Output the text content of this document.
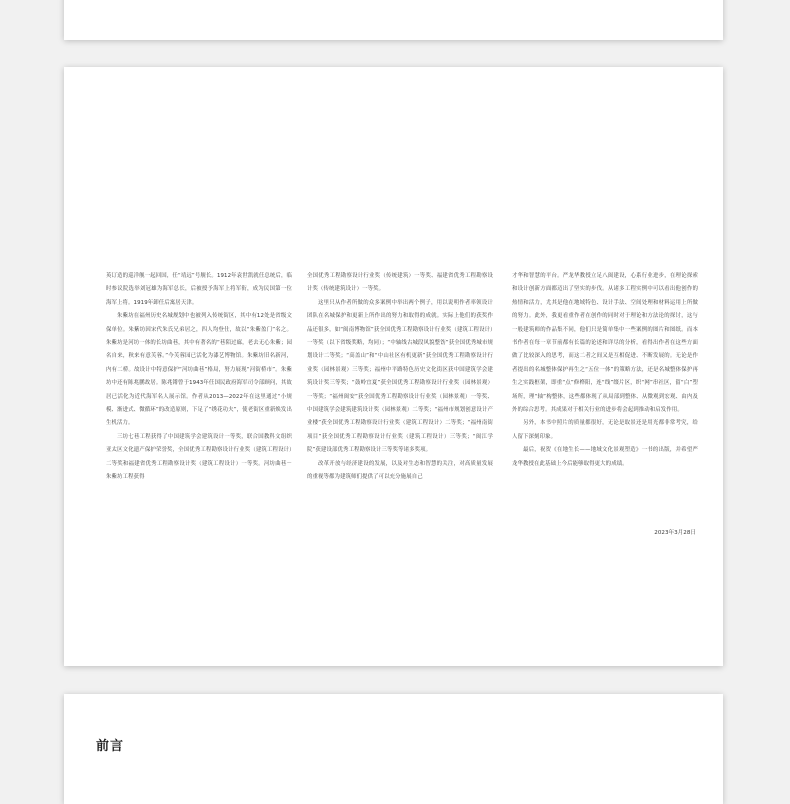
英订造的巡洋舰一起回国，任“靖远”号舰长。1912年袁世凯就任总统后，临时参议院选举刘冠雄为海军总长，后被授予海军上将军衔，成为民国第一位海军上将。1919年卸任后寓居天津。

朱紫坊在福州历史名城规划中也被列入传统街区，其中有12处是省级文保单位。朱紫坊因宋代朱氏兄弟居之，四人均登仕，故以“朱紫盈门”名之。朱紫坊是河坊一体的长坊曲巷，其中有著名的“巷陌过廊，老去无心朱紫；园名自来，秋来有意芙蓉。”今芙蓉园已活化为漆艺博物馆。朱紫坊旧名新河，内有二桥。故设计中特意保护“河坊曲巷”格局，努力展现“河街桥市”。朱紫坊中还有陈兆鹏故居。陈兆锵曾于1943年任国民政府海军司令部顾问，其故居已活化为近代海军名人展示馆。作者从2013—2022年在这里通过“小规模、渐进式、微循环”的改造原则，下足了“绣花功夫”，使老街区重新焕发出生机活力。

三坊七巷工程获得了中国建筑学会建筑设计一等奖，联合国教科文组织亚太区文化遗产保护荣誉奖，全国优秀工程勘察设计行业奖（建筑工程设计）二等奖和福建省优秀工程勘察设计奖（建筑工程设计）一等奖。河坊曲巷－朱紫坊工程获得

全国优秀工程勘察设计行业奖（传统建筑）一等奖、福建省优秀工程勘察设计奖（传统建筑设计）一等奖。

这里只从作者所做的众多案例中举出两个例子，用以说明作者率领设计团队在名城保护和更新上所作出的努力和取得的成就。实际上他们的获奖作品还很多，如“闽南博物馆”获全国优秀工程勘察设计行业奖（建筑工程设计）一等奖（以下省级奖略，均同）；“中轴线古城段风貌整饬”获全国优秀城市规划设计二等奖；“高盖山”和“中山社区有机更新”获全国优秀工程勘察设计行业奖（园林景观）三等奖；福州中平路特色历史文化街区获中国建筑学会建筑设计奖三等奖；“鼓岭宜夏”获全国优秀工程勘察设计行业奖（园林景观）一等奖；“福州闽安”获全国优秀工程勘察设计行业奖（园林景观）一等奖、中国建筑学会建筑建筑设计奖（园林景观）二等奖；“福州市规划创意设计产业楼”获全国优秀工程勘察设计行业奖（建筑工程设计）二等奖；“福州南街项目”获全国优秀工程勘察设计行业奖（建筑工程设计）三等奖；“闽江学院”获建设部优秀工程勘察设计三等奖等诸多奖项。

改革开放与经济建设的发展，以及对生态和智慧的关注，对高质量发展的重视等都为建筑师们提供了可以充分施展自己

才华和智慧的平台。严龙华教授立足八闽建设，心系行业进步，在理论探索和设计创新方面都迈出了坚实的步伐。从诸多工程实例中可以看出他创作的热情和活力，尤其是他在地域特色、设计手法、空间处理和材料运用上所做的努力。此外，我更看重作者在创作的同时对于理论和方法论的探讨，这与一般建筑师的作品集不同，他们只是简单集中一些案例的图片和图纸。而本书作者在每一章节前都有长篇的论述和详尽的分析，看得出作者在这些方面做了比较深入的思考，而这二者之间又是互相促进、不断发展的。无论是作者提出的名城整体保护再生之“五位一体”的策略方法，还是名城整体保护再生之实践框架，即重“点”修榫阳，连“线”缀片区，织“网”串社区，留“白”塑场所，理“轴”构整体，这些都体现了从局部到整体、从微观到宏观、由内及外的综合思考。其成果对于相关行业的进步将会起到推动和启发作用。

另外，本书中照片的质量都很好，无论是取景还是用光都非常考究，给人留下深刻印象。

最后，祝贺《在地生长——地域文化景观塑造》一书的出版，并希望严龙华教授在此基础上今后能够取得更大的成绩。

2023年3月28日
前言
